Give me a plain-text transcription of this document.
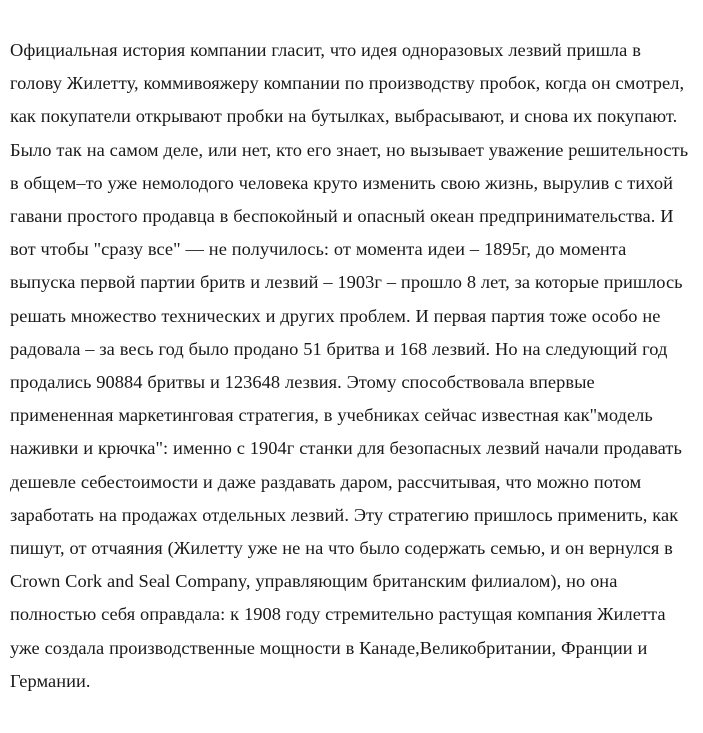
Официальная история компании гласит, что идея одноразовых лезвий пришла в голову Жилетту, коммивояжеру компании по производству пробок, когда он смотрел, как покупатели открывают пробки на бутылках, выбрасывают, и снова их покупают. Было так на самом деле, или нет, кто его знает, но вызывает уважение решительность в общем–то уже немолодого человека круто изменить свою жизнь, вырулив с тихой гавани простого продавца в беспокойный и опасный океан предпринимательства. И вот чтобы "сразу все" — не получилось: от момента идеи – 1895г, до момента выпуска первой партии бритв и лезвий – 1903г – прошло 8 лет, за которые пришлось решать множество технических и других проблем. И первая партия тоже особо не радовала – за весь год было продано 51 бритва и 168 лезвий. Но на следующий год продались 90884 бритвы и 123648 лезвия. Этому способствовала впервые примененная маркетинговая стратегия, в учебниках сейчас известная как"модель наживки и крючка": именно с 1904г станки для безопасных лезвий начали продавать дешевле себестоимости и даже раздавать даром, рассчитывая, что можно потом заработать на продажах отдельных лезвий. Эту стратегию пришлось применить, как пишут, от отчаяния (Жилетту уже не на что было содержать семью, и он вернулся в Crown Cork and Seal Company, управляющим британским филиалом), но она полностью себя оправдала: к 1908 году стремительно растущая компания Жилетта уже создала производственные мощности в Канаде,Великобритании, Франции и Германии.
